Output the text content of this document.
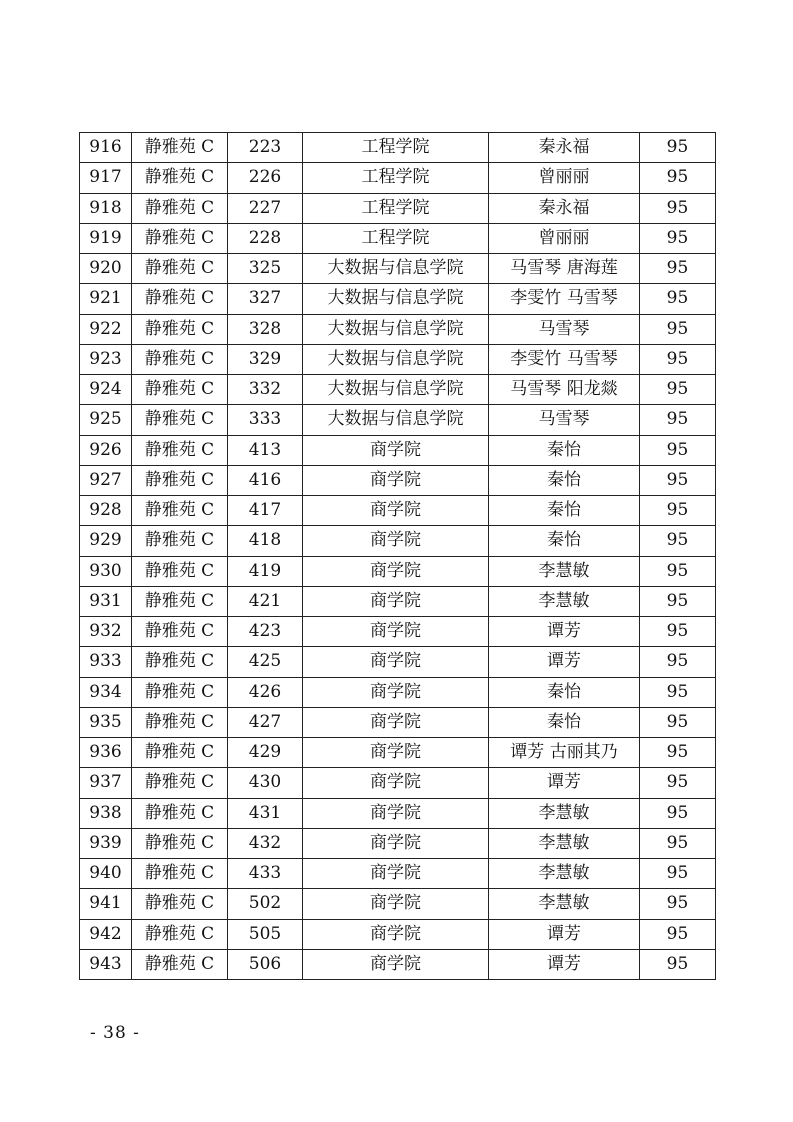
916	静雅苑 C	223	工程学院	秦永福	95
917	静雅苑 C	226	工程学院	曾丽丽	95
918	静雅苑 C	227	工程学院	秦永福	95
919	静雅苑 C	228	工程学院	曾丽丽	95
920	静雅苑 C	325	大数据与信息学院	马雪琴 唐海莲	95
921	静雅苑 C	327	大数据与信息学院	李雯竹 马雪琴	95
922	静雅苑 C	328	大数据与信息学院	马雪琴	95
923	静雅苑 C	329	大数据与信息学院	李雯竹 马雪琴	95
924	静雅苑 C	332	大数据与信息学院	马雪琴 阳龙燚	95
925	静雅苑 C	333	大数据与信息学院	马雪琴	95
926	静雅苑 C	413	商学院	秦怡	95
927	静雅苑 C	416	商学院	秦怡	95
928	静雅苑 C	417	商学院	秦怡	95
929	静雅苑 C	418	商学院	秦怡	95
930	静雅苑 C	419	商学院	李慧敏	95
931	静雅苑 C	421	商学院	李慧敏	95
932	静雅苑 C	423	商学院	谭芳	95
933	静雅苑 C	425	商学院	谭芳	95
934	静雅苑 C	426	商学院	秦怡	95
935	静雅苑 C	427	商学院	秦怡	95
936	静雅苑 C	429	商学院	谭芳 古丽其乃	95
937	静雅苑 C	430	商学院	谭芳	95
938	静雅苑 C	431	商学院	李慧敏	95
939	静雅苑 C	432	商学院	李慧敏	95
940	静雅苑 C	433	商学院	李慧敏	95
941	静雅苑 C	502	商学院	李慧敏	95
942	静雅苑 C	505	商学院	谭芳	95
943	静雅苑 C	506	商学院	谭芳	95
- 38 -
